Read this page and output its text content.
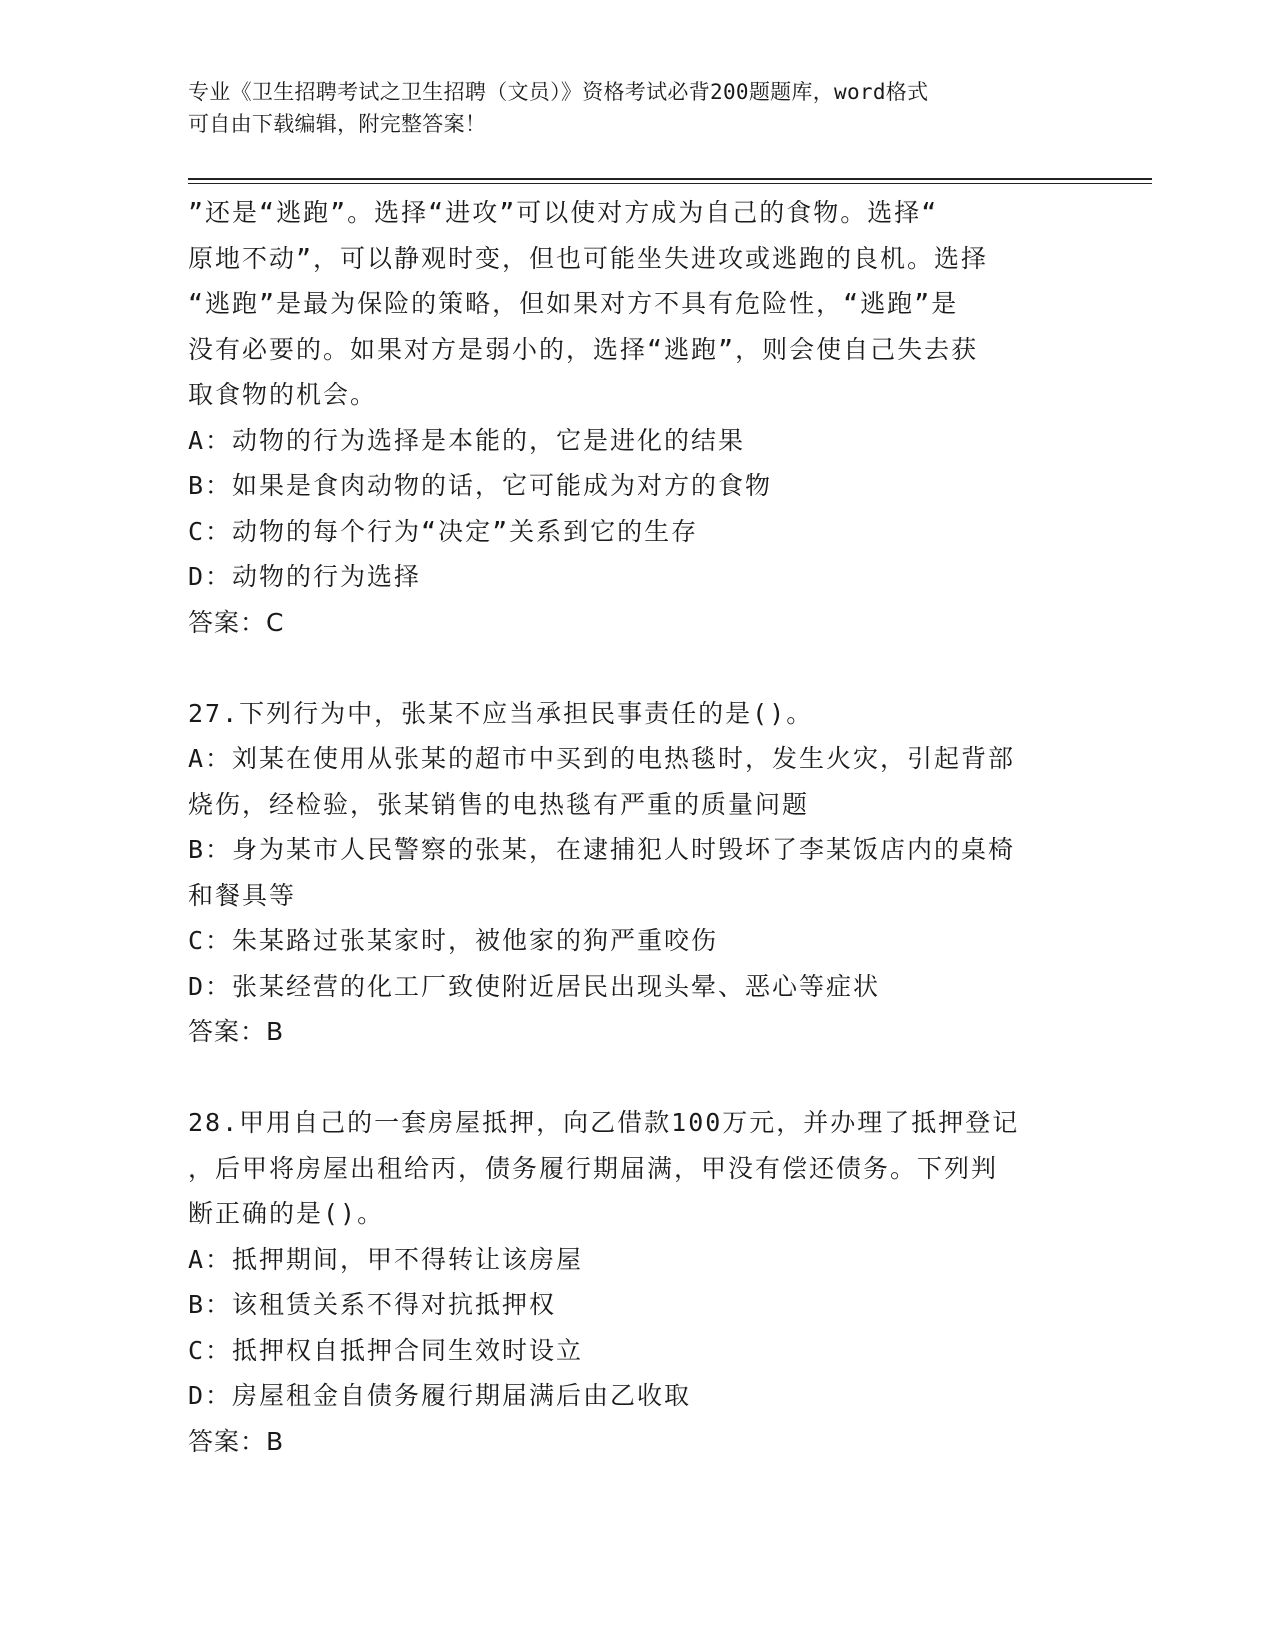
专业《卫生招聘考试之卫生招聘（文员）》资格考试必背200题题库，word格式
可自由下载编辑，附完整答案！
”还是“逃跑”。选择“进攻”可以使对方成为自己的食物。选择“
原地不动”，可以静观时变，但也可能坐失进攻或逃跑的良机。选择
“逃跑”是最为保险的策略，但如果对方不具有危险性，“逃跑”是
没有必要的。如果对方是弱小的，选择“逃跑”，则会使自己失去获
取食物的机会。
A：动物的行为选择是本能的，它是进化的结果
B：如果是食肉动物的话，它可能成为对方的食物
C：动物的每个行为“决定”关系到它的生存
D：动物的行为选择
答案：C
27.下列行为中，张某不应当承担民事责任的是()。
A：刘某在使用从张某的超市中买到的电热毯时，发生火灾，引起背部
烧伤，经检验，张某销售的电热毯有严重的质量问题
B：身为某市人民警察的张某，在逮捕犯人时毁坏了李某饭店内的桌椅
和餐具等
C：朱某路过张某家时，被他家的狗严重咬伤
D：张某经营的化工厂致使附近居民出现头晕、恶心等症状
答案：B
28.甲用自己的一套房屋抵押，向乙借款100万元，并办理了抵押登记
，后甲将房屋出租给丙，债务履行期届满，甲没有偿还债务。下列判
断正确的是()。
A：抵押期间，甲不得转让该房屋
B：该租赁关系不得对抗抵押权
C：抵押权自抵押合同生效时设立
D：房屋租金自债务履行期届满后由乙收取
答案：B
